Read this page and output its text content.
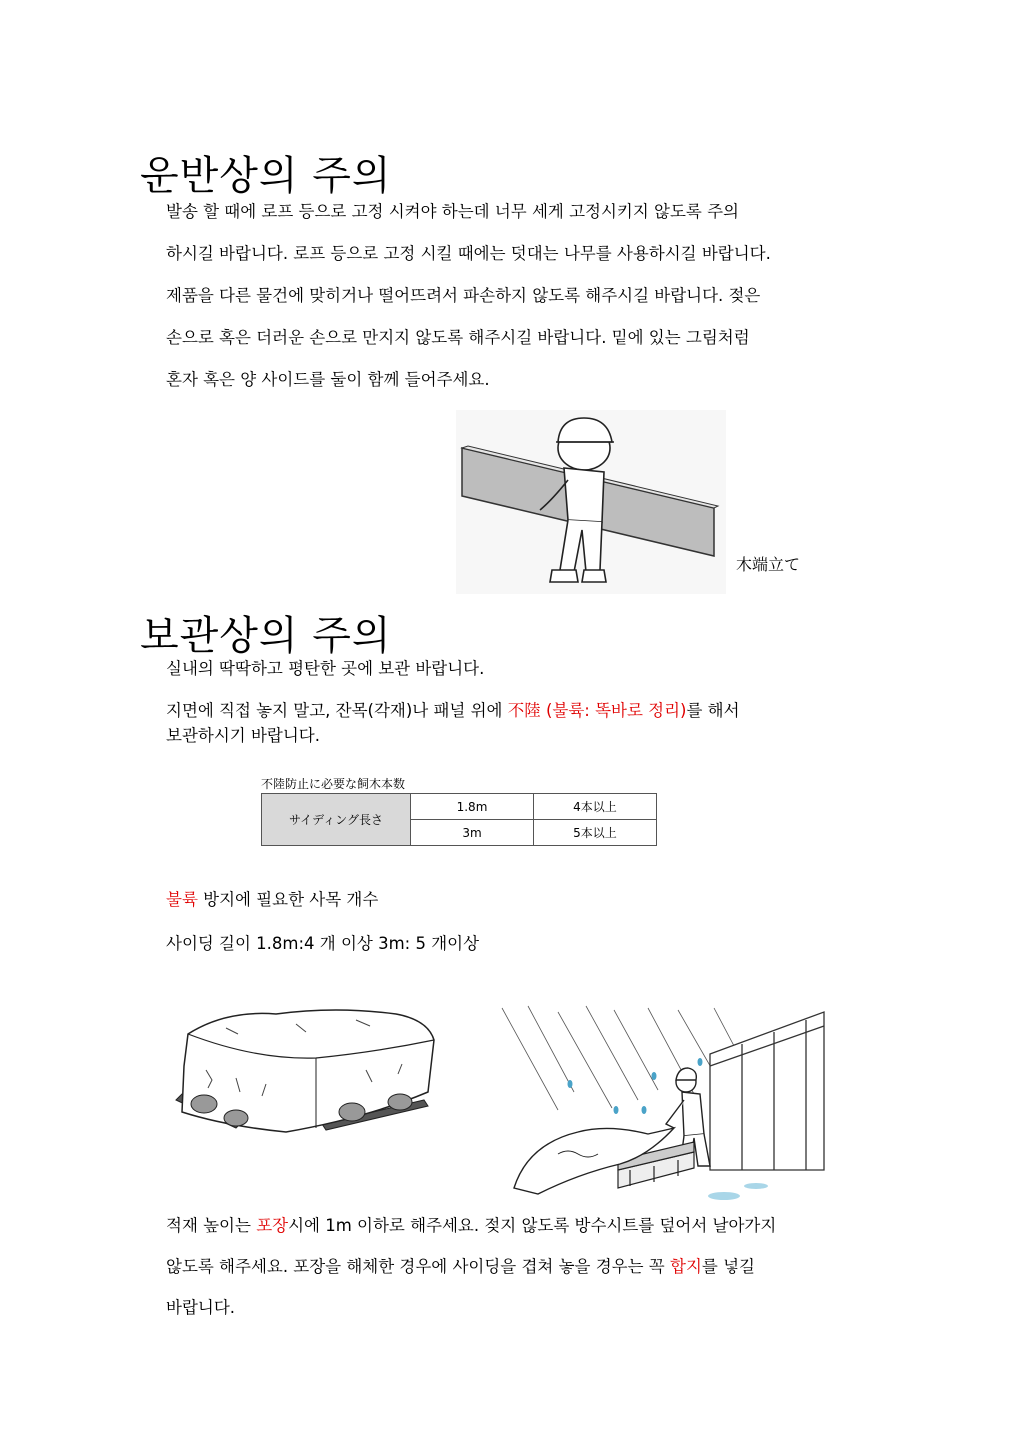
운반상의 주의

발송 할 때에 로프 등으로 고정 시켜야 하는데 너무 세게 고정시키지 않도록 주의
하시길 바랍니다. 로프 등으로 고정 시킬 때에는 덧대는 나무를 사용하시길 바랍니다.
제품을 다른 물건에 맞히거나 떨어뜨려서 파손하지 않도록 해주시길 바랍니다. 젖은
손으로 혹은 더러운 손으로 만지지 않도록 해주시길 바랍니다. 밑에 있는 그림처럼
혼자 혹은 양 사이드를 둘이 함께 들어주세요.

木端立て
보관상의 주의
실내의 딱딱하고 평탄한 곳에 보관 바랍니다.
지면에 직접 놓지 말고, 잔목(각재)나 패널 위에 不陸 (불륙: 똑바로 정리)를 해서
보관하시기 바랍니다.
不陸防止に必要な飼木本数
サイディング長さ	1.8m	4本以上
	3m	5本以上
불륙 방지에 필요한 사목 개수
사이딩 길이 1.8m:4 개 이상 3m: 5 개이상
적재 높이는 포장시에 1m 이하로 해주세요. 젖지 않도록 방수시트를 덮어서 날아가지
않도록 해주세요. 포장을 해체한 경우에 사이딩을 겹쳐 놓을 경우는 꼭 합지를 넣길
바랍니다.
